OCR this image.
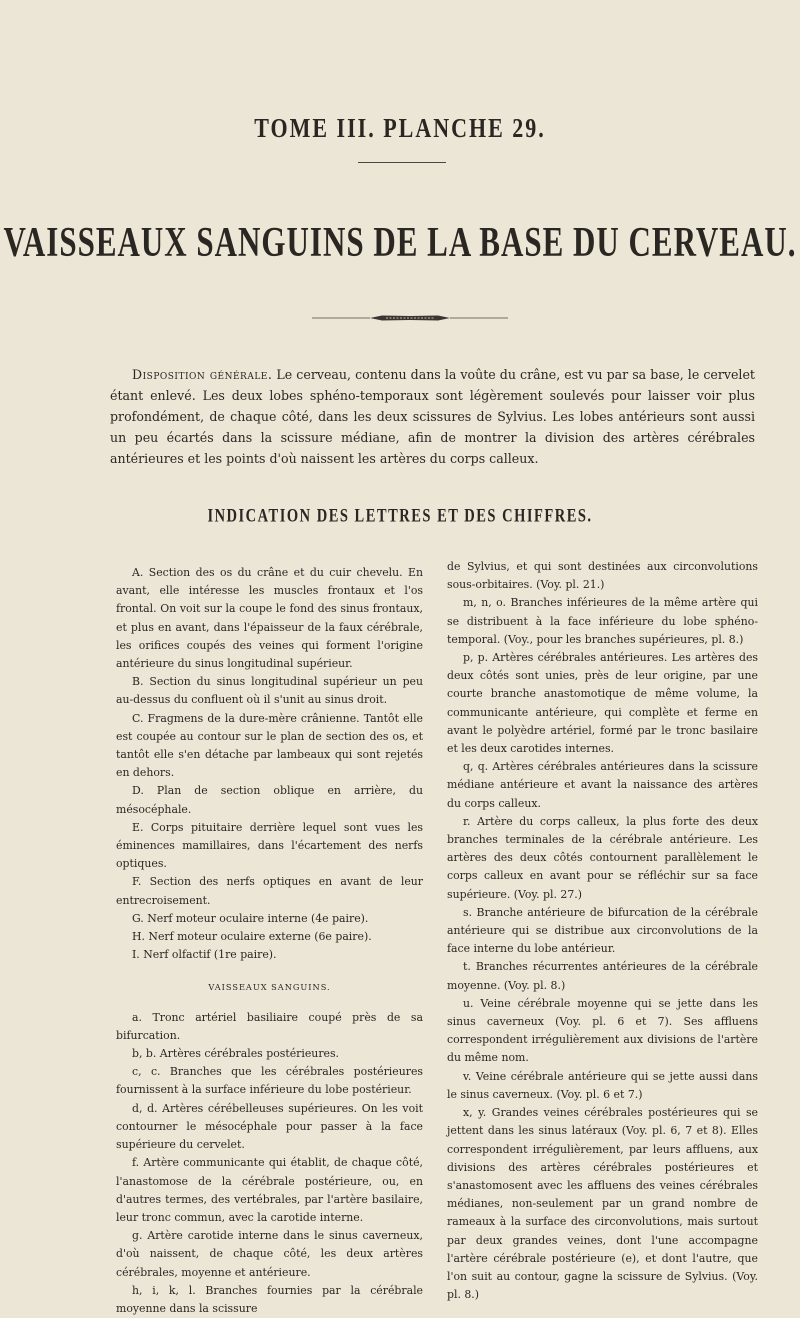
TOME III. PLANCHE 29.
VAISSEAUX SANGUINS DE LA BASE DU CERVEAU.
Disposition générale. Le cerveau, contenu dans la voûte du crâne, est vu par sa base, le cervelet étant enlevé. Les deux lobes sphéno-temporaux sont légèrement soulevés pour laisser voir plus profondément, de chaque côté, dans les deux scissures de Sylvius. Les lobes antérieurs sont aussi un peu écartés dans la scissure médiane, afin de montrer la division des artères cérébrales antérieures et les points d'où naissent les artères du corps calleux.
INDICATION DES LETTRES ET DES CHIFFRES.

A. Section des os du crâne et du cuir chevelu. En avant, elle intéresse les muscles frontaux et l'os frontal. On voit sur la coupe le fond des sinus frontaux, et plus en avant, dans l'épaisseur de la faux cérébrale, les orifices coupés des veines qui forment l'origine antérieure du sinus longitudinal supérieur.

B. Section du sinus longitudinal supérieur un peu au-dessus du confluent où il s'unit au sinus droit.

C. Fragmens de la dure-mère crânienne. Tantôt elle est coupée au contour sur le plan de section des os, et tantôt elle s'en détache par lambeaux qui sont rejetés en dehors.

D. Plan de section oblique en arrière, du mésocéphale.

E. Corps pituitaire derrière lequel sont vues les éminences mamillaires, dans l'écartement des nerfs optiques.

F. Section des nerfs optiques en avant de leur entrecroisement.

G. Nerf moteur oculaire interne (4e paire).

H. Nerf moteur oculaire externe (6e paire).

I. Nerf olfactif (1re paire).

VAISSEAUX SANGUINS.

a. Tronc artériel basiliaire coupé près de sa bifurcation.

b, b. Artères cérébrales postérieures.

c, c. Branches que les cérébrales postérieures fournissent à la surface inférieure du lobe postérieur.

d, d. Artères cérébelleuses supérieures. On les voit contourner le mésocéphale pour passer à la face supérieure du cervelet.

f. Artère communicante qui établit, de chaque côté, l'anastomose de la cérébrale postérieure, ou, en d'autres termes, des vertébrales, par l'artère basilaire, leur tronc commun, avec la carotide interne.

g. Artère carotide interne dans le sinus caverneux, d'où naissent, de chaque côté, les deux artères cérébrales, moyenne et antérieure.

h, i, k, l. Branches fournies par la cérébrale moyenne dans la scissure

de Sylvius, et qui sont destinées aux circonvolutions sous-orbitaires. (Voy. pl. 21.)

m, n, o. Branches inférieures de la même artère qui se distribuent à la face inférieure du lobe sphéno-temporal. (Voy., pour les branches supérieures, pl. 8.)

p, p. Artères cérébrales antérieures. Les artères des deux côtés sont unies, près de leur origine, par une courte branche anastomotique de même volume, la communicante antérieure, qui complète et ferme en avant le polyèdre artériel, formé par le tronc basilaire et les deux carotides internes.

q, q. Artères cérébrales antérieures dans la scissure médiane antérieure et avant la naissance des artères du corps calleux.

r. Artère du corps calleux, la plus forte des deux branches terminales de la cérébrale antérieure. Les artères des deux côtés contournent parallèlement le corps calleux en avant pour se réfléchir sur sa face supérieure. (Voy. pl. 27.)

s. Branche antérieure de bifurcation de la cérébrale antérieure qui se distribue aux circonvolutions de la face interne du lobe antérieur.

t. Branches récurrentes antérieures de la cérébrale moyenne. (Voy. pl. 8.)

u. Veine cérébrale moyenne qui se jette dans les sinus caverneux (Voy. pl. 6 et 7). Ses affluens correspondent irrégulièrement aux divisions de l'artère du même nom.

v. Veine cérébrale antérieure qui se jette aussi dans le sinus caverneux. (Voy. pl. 6 et 7.)

x, y. Grandes veines cérébrales postérieures qui se jettent dans les sinus latéraux (Voy. pl. 6, 7 et 8). Elles correspondent irrégulièrement, par leurs affluens, aux divisions des artères cérébrales postérieures et s'anastomosent avec les affluens des veines cérébrales médianes, non-seulement par un grand nombre de rameaux à la surface des circonvolutions, mais surtout par deux grandes veines, dont l'une accompagne l'artère cérébrale postérieure (e), et dont l'autre, que l'on suit au contour, gagne la scissure de Sylvius. (Voy. pl. 8.)
